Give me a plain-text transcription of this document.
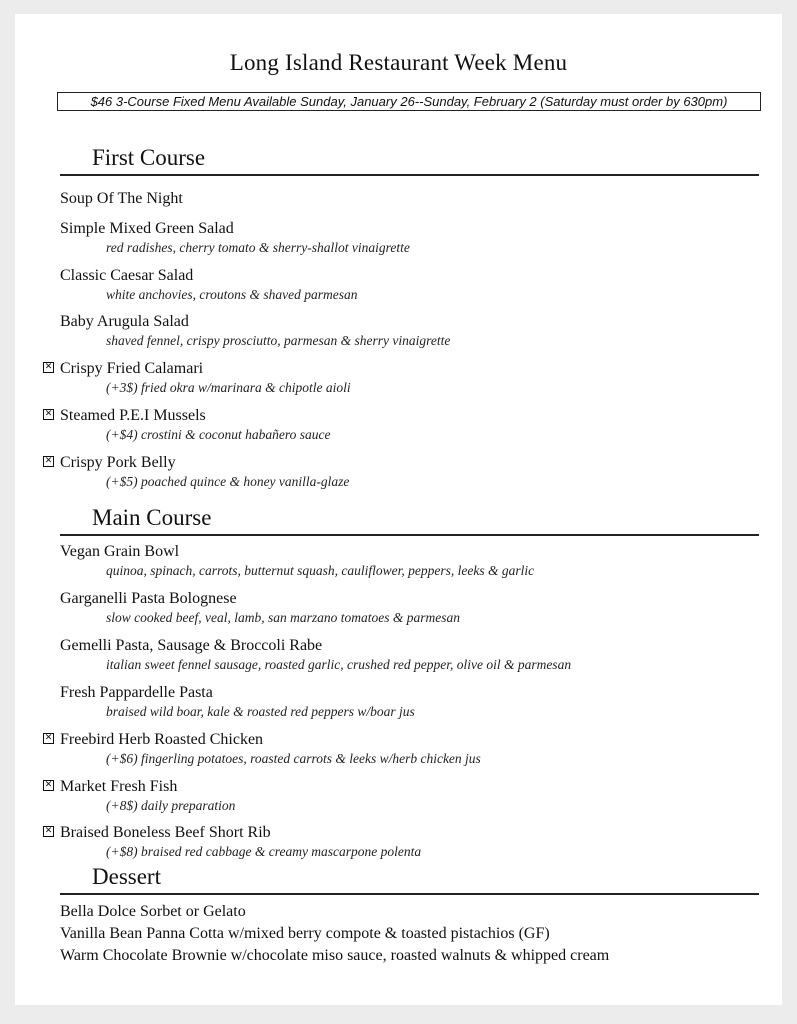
Long Island Restaurant Week Menu
$46 3-Course Fixed Menu Available Sunday, January 26--Sunday, February 2 (Saturday must order by 630pm)
First Course
Soup Of The Night
Simple Mixed Green Salad
red radishes, cherry tomato & sherry-shallot vinaigrette
Classic Caesar Salad
white anchovies, croutons & shaved parmesan
Baby Arugula Salad
shaved fennel, crispy prosciutto, parmesan & sherry vinaigrette
✕ Crispy Fried Calamari
(+3$) fried okra w/marinara & chipotle aioli
✕ Steamed P.E.I Mussels
(+$4) crostini & coconut habañero sauce
✕ Crispy Pork Belly
(+$5) poached quince & honey vanilla-glaze
Main Course
Vegan Grain Bowl
quinoa, spinach, carrots, butternut squash, cauliflower, peppers, leeks & garlic
Garganelli Pasta Bolognese
slow cooked beef, veal, lamb, san marzano tomatoes & parmesan
Gemelli Pasta, Sausage & Broccoli Rabe
italian sweet fennel sausage, roasted garlic, crushed red pepper, olive oil & parmesan
Fresh Pappardelle Pasta
braised wild boar, kale & roasted red peppers w/boar jus
✕ Freebird Herb Roasted Chicken
(+$6) fingerling potatoes, roasted carrots & leeks w/herb chicken jus
✕ Market Fresh Fish
(+8$) daily preparation
✕ Braised Boneless Beef Short Rib
(+$8) braised red cabbage & creamy mascarpone polenta
Dessert
Bella Dolce Sorbet or Gelato
Vanilla Bean Panna Cotta w/mixed berry compote & toasted pistachios (GF)
Warm Chocolate Brownie w/chocolate miso sauce, roasted walnuts & whipped cream
